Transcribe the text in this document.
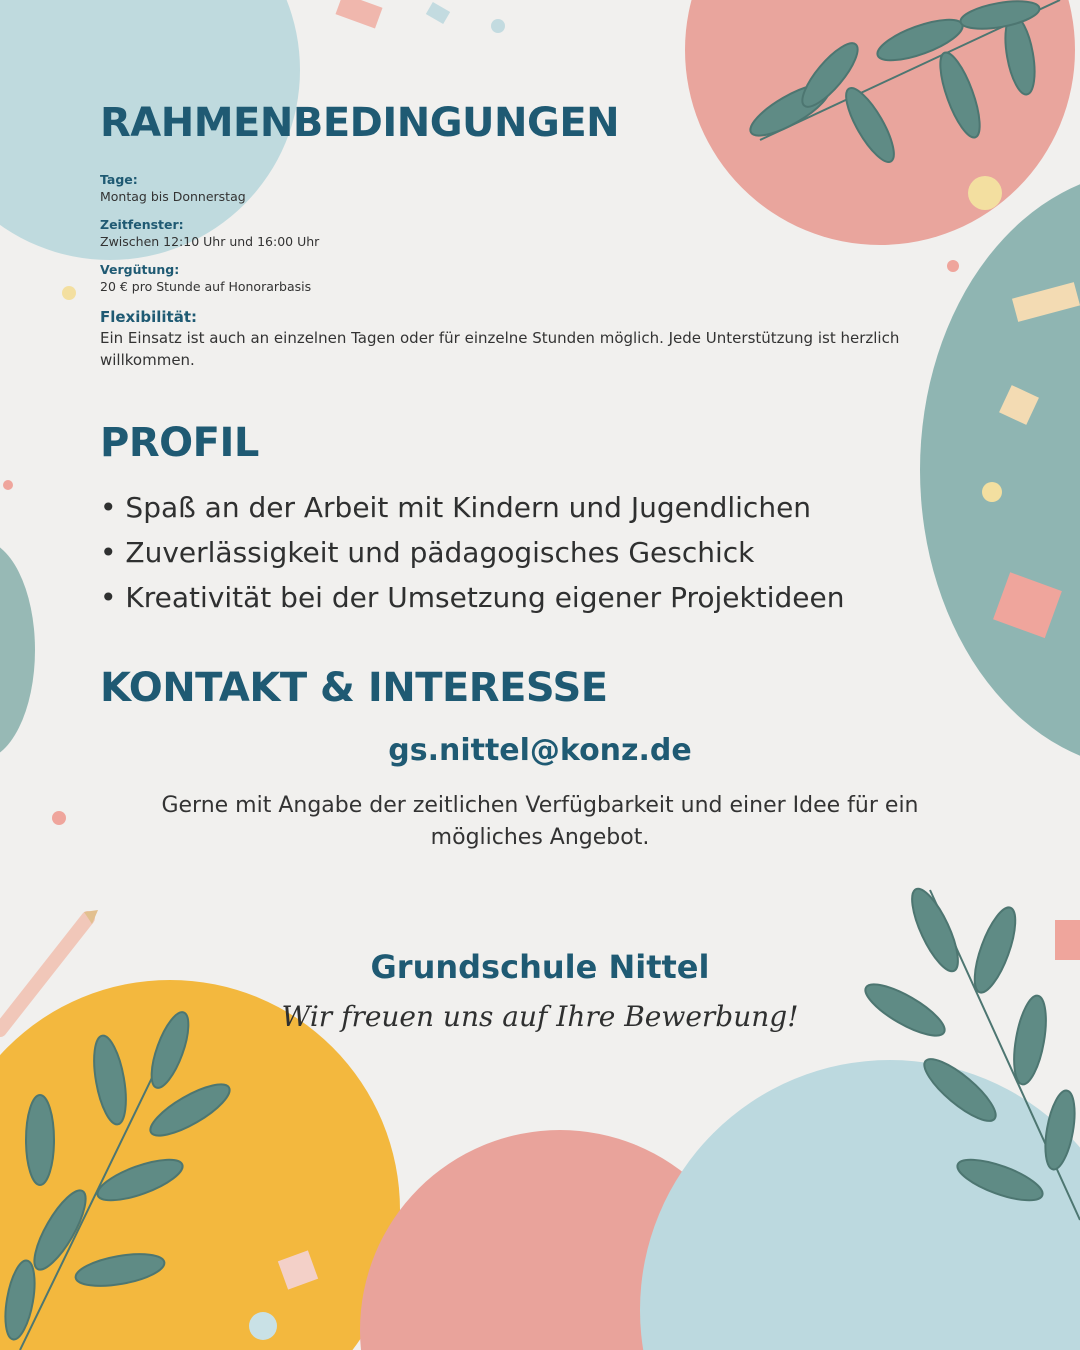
RAHMENBEDINGUNGEN
Tage:
Montag bis Donnerstag
Zeitfenster:
Zwischen 12:10 Uhr und 16:00 Uhr
Vergütung:
20 € pro Stunde auf Honorarbasis
Flexibilität:
Ein Einsatz ist auch an einzelnen Tagen oder für einzelne Stunden möglich. Jede Unterstützung ist herzlich willkommen.
PROFIL
• Spaß an der Arbeit mit Kindern und Jugendlichen
• Zuverlässigkeit und pädagogisches Geschick
• Kreativität bei der Umsetzung eigener Projektideen
KONTAKT & INTERESSE
gs.nittel@konz.de
Gerne mit Angabe der zeitlichen Verfügbarkeit und einer Idee für ein mögliches Angebot.
Grundschule Nittel
Wir freuen uns auf Ihre Bewerbung!
